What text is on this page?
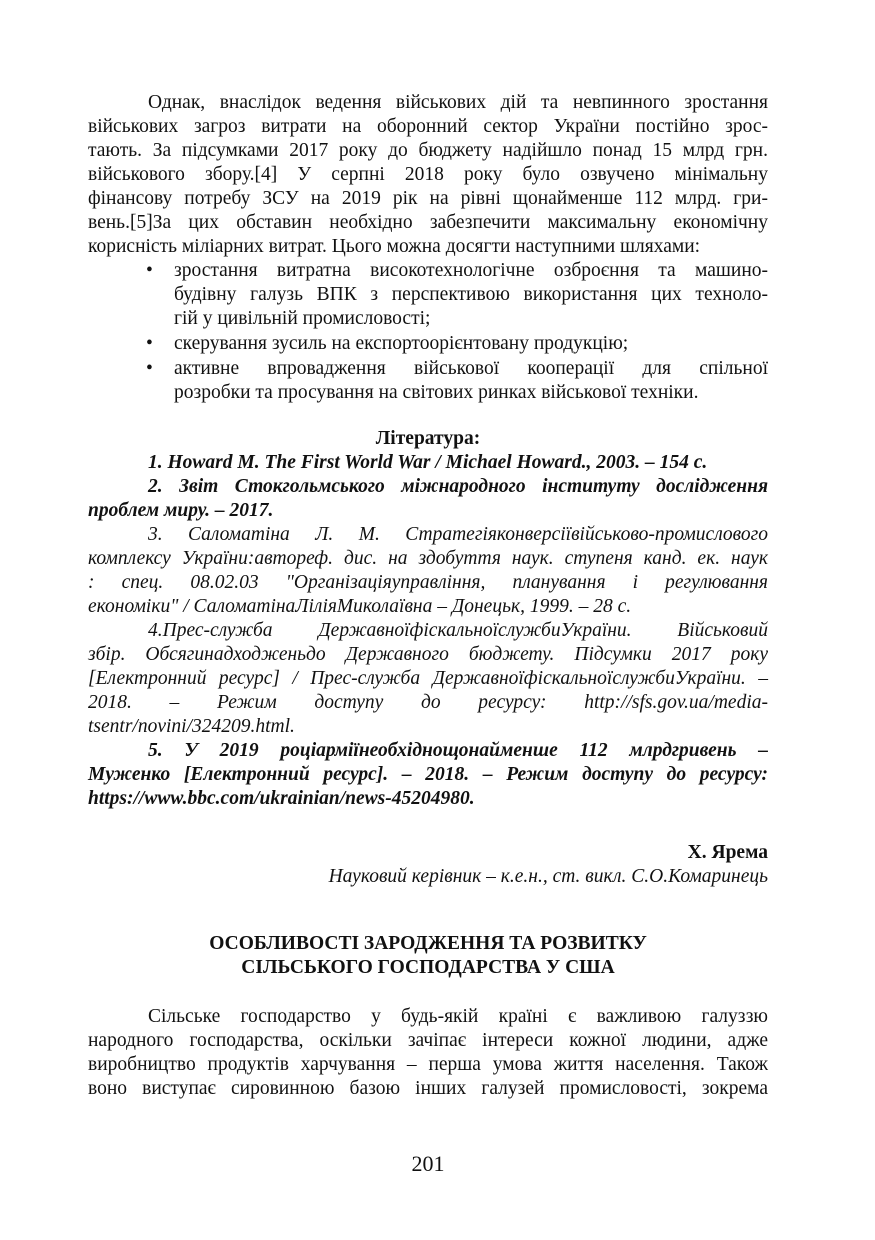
Однак, внаслідок ведення військових дій та невпинного зростання
військових загроз витрати на оборонний сектор України постійно зрос-
тають. За підсумками 2017 року до бюджету надійшло понад 15 млрд грн.
військового збору.[4] У серпні 2018 року було озвучено мінімальну
фінансову потребу ЗСУ на 2019 рік на рівні щонайменше 112 млрд. гри-
вень.[5]За цих обставин необхідно забезпечити максимальну економічну
корисність міліарних витрат. Цього можна досягти наступними шляхами:
• зростання витратна високотехнологічне озброєння та машино-
будівну галузь ВПК з перспективою використання цих техноло-
гій у цивільній промисловості;
• скерування зусиль на експортоорієнтовану продукцію;
• активне впровадження військової кооперації для спільної
розробки та просування на світових ринках військової техніки.
Література:
1. Howard M. The First World War / Michael Howard., 2003. – 154 с.
2. Звіт Стокгольмського міжнародного інституту дослідження
проблем миру. – 2017.
3. Саломатіна Л. М. Стратегіяконверсіївійськово-промислового
комплексу України:автореф. дис. на здобуття наук. ступеня канд. ек. наук
: спец. 08.02.03 "Організаціяуправління, планування і регулювання
економіки" / СаломатінаЛіліяМиколаївна – Донецьк, 1999. – 28 с.
4.Прес-служба ДержавноїфіскальноїслужбиУкраїни. Військовий
збір. Обсягинадходженьдо Державного бюджету. Підсумки 2017 року
[Електронний ресурс] / Прес-служба ДержавноїфіскальноїслужбиУкраїни. –
2018. – Режим доступу до ресурсу: http://sfs.gov.ua/media-
tsentr/novini/324209.html.
5. У 2019 роціарміїнеобхіднощонайменше 112 млрдгривень –
Муженко [Електронний ресурс]. – 2018. – Режим доступу до ресурсу:
https://www.bbc.com/ukrainian/news-45204980.
Х. Ярема
Науковий керівник – к.е.н., ст. викл. С.О.Комаринець
ОСОБЛИВОСТІ ЗАРОДЖЕННЯ ТА РОЗВИТКУ
СІЛЬСЬКОГО ГОСПОДАРСТВА У США
Сільське господарство у будь-якій країні є важливою галуззю
народного господарства, оскільки зачіпає інтереси кожної людини, адже
виробництво продуктів харчування – перша умова життя населення. Також
воно виступає сировинною базою інших галузей промисловості, зокрема
201
